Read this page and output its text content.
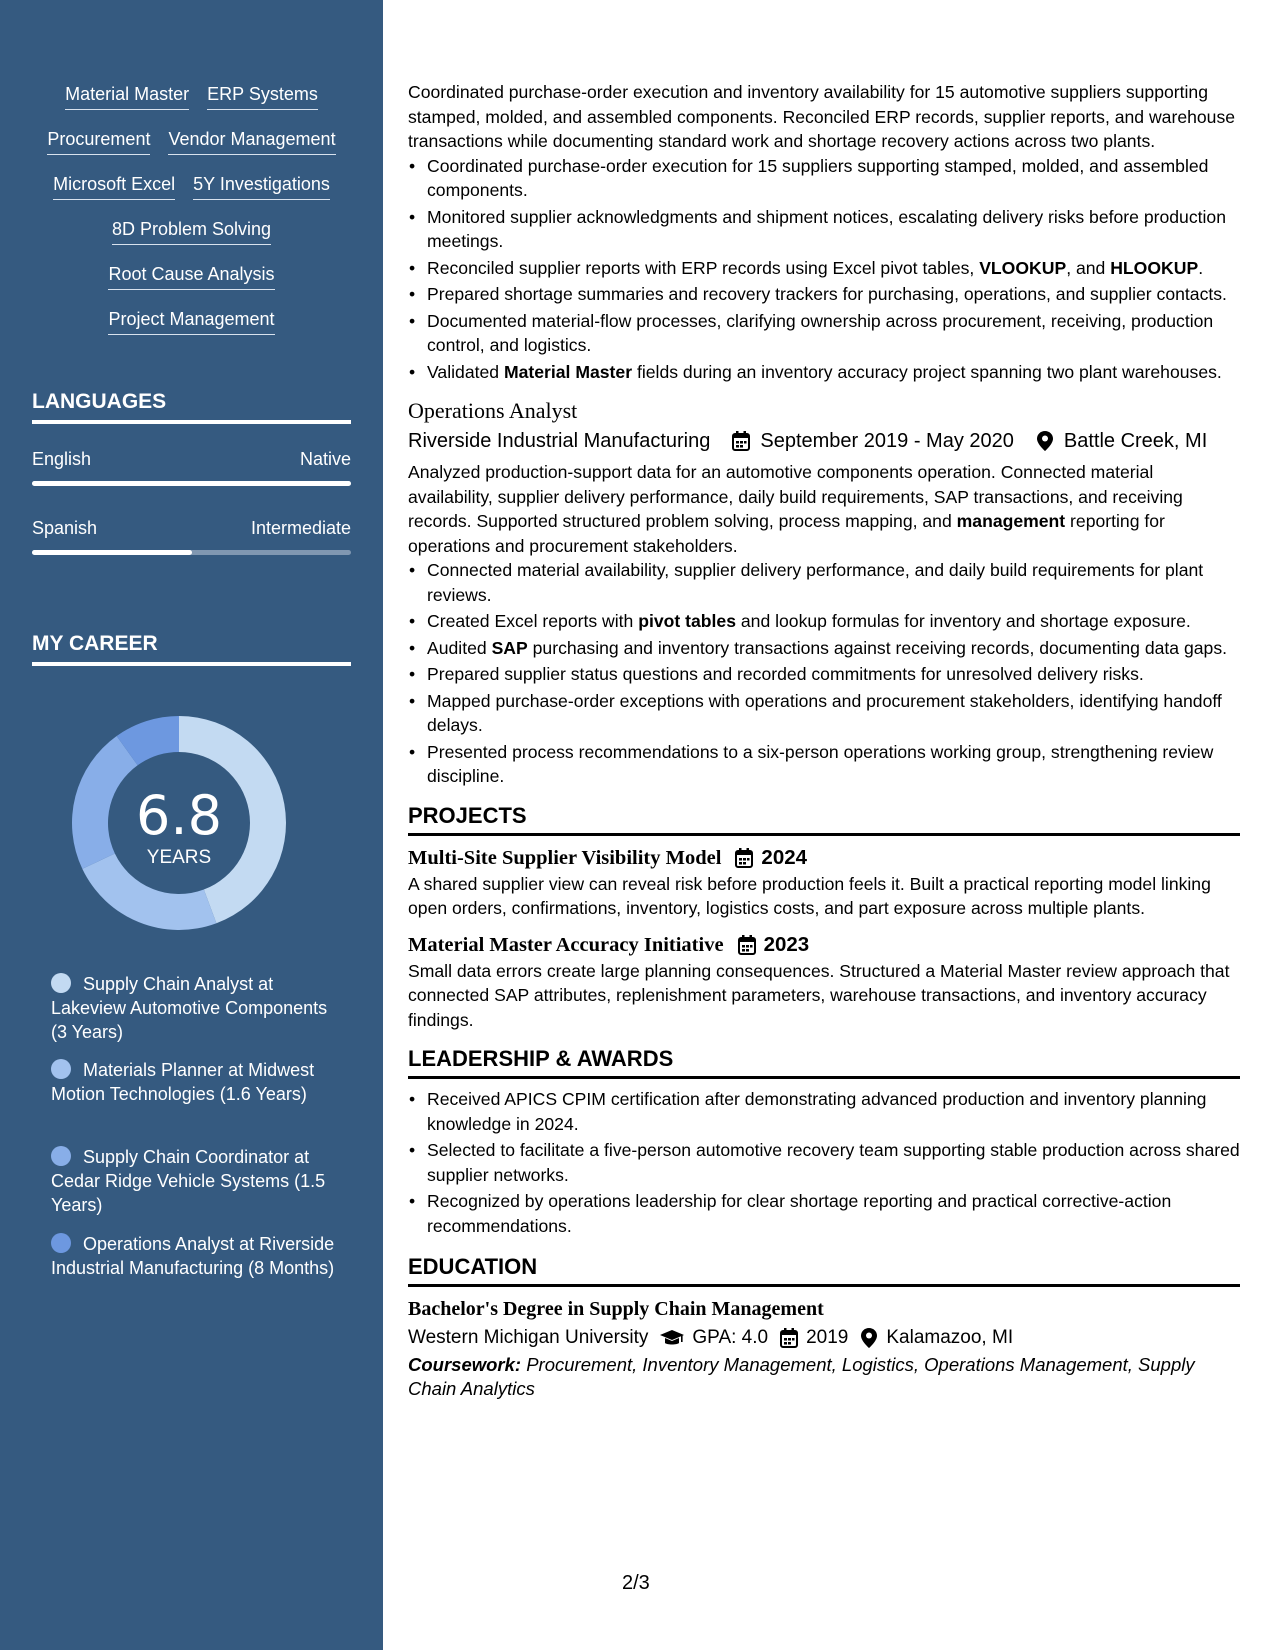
Material Master ERP Systems
Procurement Vendor Management
Microsoft Excel 5Y Investigations
8D Problem Solving
Root Cause Analysis
Project Management
LANGUAGES
English	Native
Spanish	Intermediate
MY CAREER
6.8
YEARS
Supply Chain Analyst at Lakeview Automotive Components (3 Years)
Materials Planner at Midwest Motion Technologies (1.6 Years)
Supply Chain Coordinator at Cedar Ridge Vehicle Systems (1.5 Years)
Operations Analyst at Riverside Industrial Manufacturing (8 Months)

Coordinated purchase-order execution and inventory availability for 15 automotive suppliers supporting stamped, molded, and assembled components. Reconciled ERP records, supplier reports, and warehouse transactions while documenting standard work and shortage recovery actions across two plants.

• Coordinated purchase-order execution for 15 suppliers supporting stamped, molded, and assembled components.
• Monitored supplier acknowledgments and shipment notices, escalating delivery risks before production meetings.
• Reconciled supplier reports with ERP records using Excel pivot tables, VLOOKUP, and HLOOKUP.
• Prepared shortage summaries and recovery trackers for purchasing, operations, and supplier contacts.
• Documented material-flow processes, clarifying ownership across procurement, receiving, production control, and logistics.
• Validated Material Master fields during an inventory accuracy project spanning two plant warehouses.
Operations Analyst
Riverside Industrial Manufacturing	September 2019 - May 2020	Battle Creek, MI

Analyzed production-support data for an automotive components operation. Connected material availability, supplier delivery performance, daily build requirements, SAP transactions, and receiving records. Supported structured problem solving, process mapping, and management reporting for operations and procurement stakeholders.

• Connected material availability, supplier delivery performance, and daily build requirements for plant reviews.
• Created Excel reports with pivot tables and lookup formulas for inventory and shortage exposure.
• Audited SAP purchasing and inventory transactions against receiving records, documenting data gaps.
• Prepared supplier status questions and recorded commitments for unresolved delivery risks.
• Mapped purchase-order exceptions with operations and procurement stakeholders, identifying handoff delays.
• Presented process recommendations to a six-person operations working group, strengthening review discipline.
PROJECTS
Multi-Site Supplier Visibility Model 2024

A shared supplier view can reveal risk before production feels it. Built a practical reporting model linking open orders, confirmations, inventory, logistics costs, and part exposure across multiple plants.

Material Master Accuracy Initiative 2023

Small data errors create large planning consequences. Structured a Material Master review approach that connected SAP attributes, replenishment parameters, warehouse transactions, and inventory accuracy findings.

LEADERSHIP & AWARDS
• Received APICS CPIM certification after demonstrating advanced production and inventory planning knowledge in 2024.
• Selected to facilitate a five-person automotive recovery team supporting stable production across shared supplier networks.
• Recognized by operations leadership for clear shortage reporting and practical corrective-action recommendations.
EDUCATION
Bachelor's Degree in Supply Chain Management
Western Michigan University GPA: 4.0 2019 Kalamazoo, MI

Coursework: Procurement, Inventory Management, Logistics, Operations Management, Supply Chain Analytics

2/3
